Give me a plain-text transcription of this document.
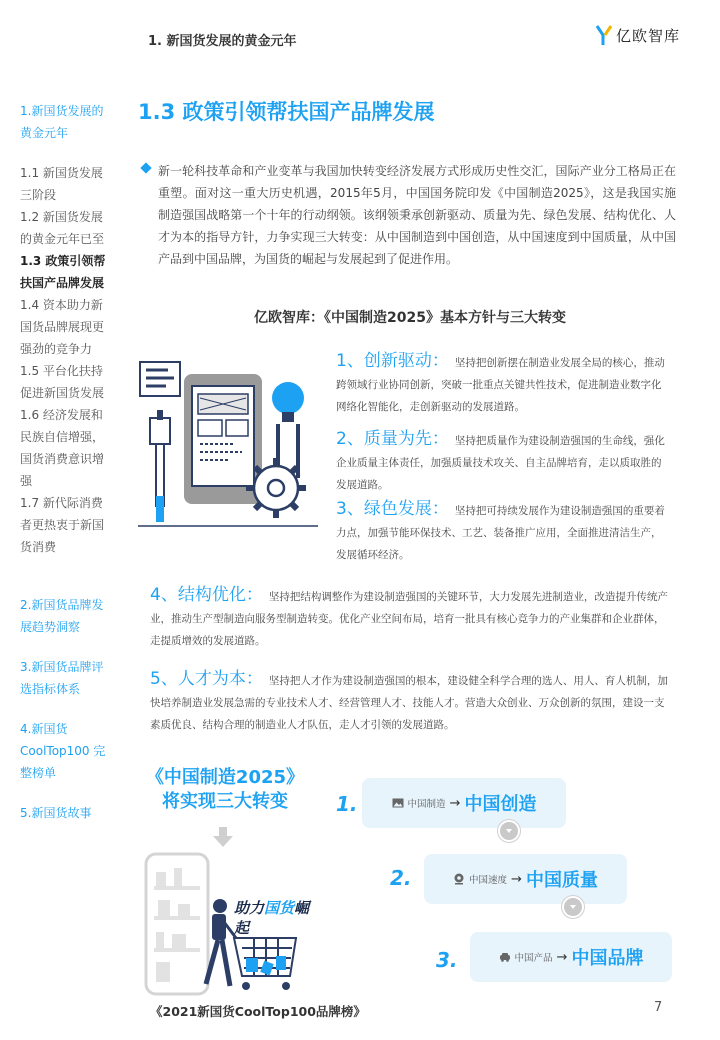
1. 新国货发展的黄金元年	亿欧智库
1.新国货发展的黄金元年
1.1 新国货发展三阶段
1.2 新国货发展的黄金元年已至
1.3 政策引领帮扶国产品牌发展
1.4 资本助力新国货品牌展现更强劲的竞争力
1.5 平台化扶持促进新国货发展
1.6 经济发展和民族自信增强，国货消费意识增强
1.7 新代际消费者更热衷于新国货消费
2.新国货品牌发展趋势洞察
3.新国货品牌评选指标体系
4.新国货 CoolTop100 完整榜单
5.新国货故事
1.3 政策引领帮扶国产品牌发展

新一轮科技革命和产业变革与我国加快转变经济发展方式形成历史性交汇，国际产业分工格局正在重塑。面对这一重大历史机遇，2015年5月，中国国务院印发《中国制造2025》，这是我国实施制造强国战略第一个十年的行动纲领。该纲领秉承创新驱动、质量为先、绿色发展、结构优化、人才为本的指导方针，力争实现三大转变：从中国制造到中国创造，从中国速度到中国质量，从中国产品到中国品牌，为国货的崛起与发展起到了促进作用。

亿欧智库：《中国制造2025》基本方针与三大转变
1、创新驱动： 坚持把创新摆在制造业发展全局的核心，推动跨领域行业协同创新，突破一批重点关键共性技术，促进制造业数字化网络化智能化，走创新驱动的发展道路。
2、质量为先： 坚持把质量作为建设制造强国的生命线，强化企业质量主体责任，加强质量技术攻关、自主品牌培育，走以质取胜的发展道路。
3、绿色发展： 坚持把可持续发展作为建设制造强国的重要着力点，加强节能环保技术、工艺、装备推广应用，全面推进清洁生产，发展循环经济。
4、结构优化： 坚持把结构调整作为建设制造强国的关键环节，大力发展先进制造业，改造提升传统产业，推动生产型制造向服务型制造转变。优化产业空间布局，培育一批具有核心竞争力的产业集群和企业群体，走提质增效的发展道路。
5、人才为本： 坚持把人才作为建设制造强国的根本，建设健全科学合理的选人、用人、育人机制，加快培养制造业发展急需的专业技术人才、经营管理人才、技能人才。营造大众创业、万众创新的氛围，建设一支素质优良、结构合理的制造业人才队伍，走人才引领的发展道路。
《中国制造2025》
将实现三大转变
助力国货崛
起
1.	中国制造 → 中国创造
2.	中国速度 → 中国质量
3.	中国产品 → 中国品牌
《2021新国货CoolTop100品牌榜》	7
